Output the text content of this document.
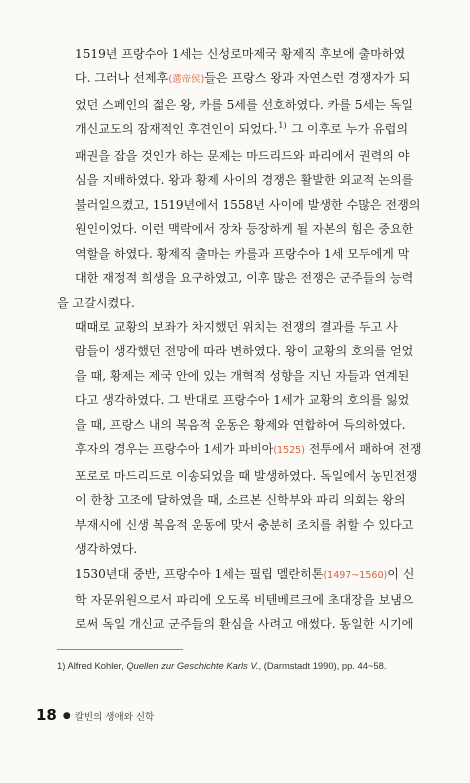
1519년 프랑수아 1세는 신성로마제국 황제직 후보에 출마하였
다. 그러나 선제후(選帝侯)들은 프랑스 왕과 자연스런 경쟁자가 되
었던 스페인의 젊은 왕, 카를 5세를 선호하였다. 카를 5세는 독일
개신교도의 잠재적인 후견인이 되었다.$^{1)}$ 그 이후로 누가 유럽의
패권을 잡을 것인가 하는 문제는 마드리드와 파리에서 권력의 야
심을 지배하였다. 왕과 황제 사이의 경쟁은 활발한 외교적 논의를
불러일으켰고, 1519년에서 1558년 사이에 발생한 수많은 전쟁의
원인이었다. 이런 맥락에서 장차 등장하게 될 자본의 힘은 중요한
역할을 하였다. 황제직 출마는 카를과 프랑수아 1세 모두에게 막
대한 재정적 희생을 요구하였고, 이후 많은 전쟁은 군주들의 능력
을 고갈시켰다.

때때로 교황의 보좌가 차지했던 위치는 전쟁의 결과를 두고 사
람들이 생각했던 전망에 따라 변하였다. 왕이 교황의 호의를 얻었
을 때, 황제는 제국 안에 있는 개혁적 성향을 지닌 자들과 연계된
다고 생각하였다. 그 반대로 프랑수아 1세가 교황의 호의를 잃었
을 때, 프랑스 내의 복음적 운동은 황제와 연합하여 득의하였다.
후자의 경우는 프랑수아 1세가 파비아(1525) 전투에서 패하여 전쟁
포로로 마드리드로 이송되었을 때 발생하였다. 독일에서 농민전쟁
이 한창 고조에 달하였을 때, 소르본 신학부와 파리 의회는 왕의
부재시에 신생 복음적 운동에 맞서 충분히 조치를 취할 수 있다고
생각하였다.

1530년대 중반, 프랑수아 1세는 필립 멜란히톤(1497~1560)이 신
학 자문위원으로서 파리에 오도록 비텐베르크에 초대장을 보냄으
로써 독일 개신교 군주들의 환심을 사려고 애썼다. 동일한 시기에

1) Alfred Kohler, Quellen zur Geschichte Karls V., (Darmstadt 1990), pp. 44~58.
18 ● 칼빈의 생애와 신학
